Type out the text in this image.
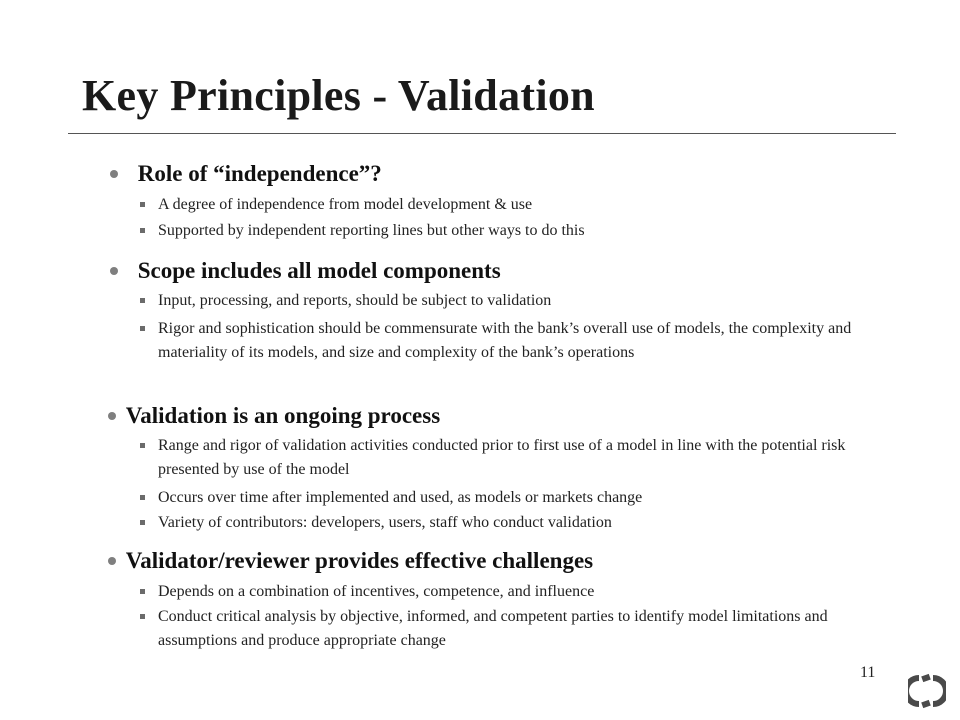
Key Principles - Validation
Role of “independence”?
A degree of independence from model development & use
Supported by independent reporting lines but other ways to do this
Scope includes all model components
Input, processing, and reports, should be subject to validation
Rigor and sophistication should be commensurate with the bank’s overall use of models, the complexity and materiality of its models, and size and complexity of the bank’s operations
Validation is an ongoing process
Range and rigor of validation activities conducted prior to first use of a model in line with the potential risk presented by use of the model
Occurs over time after implemented and used, as models or markets change
Variety of contributors: developers, users, staff who conduct validation
Validator/reviewer provides effective challenges
Depends on a combination of incentives, competence, and influence
Conduct critical analysis by objective, informed, and competent parties to identify model limitations and assumptions and produce appropriate change
11
